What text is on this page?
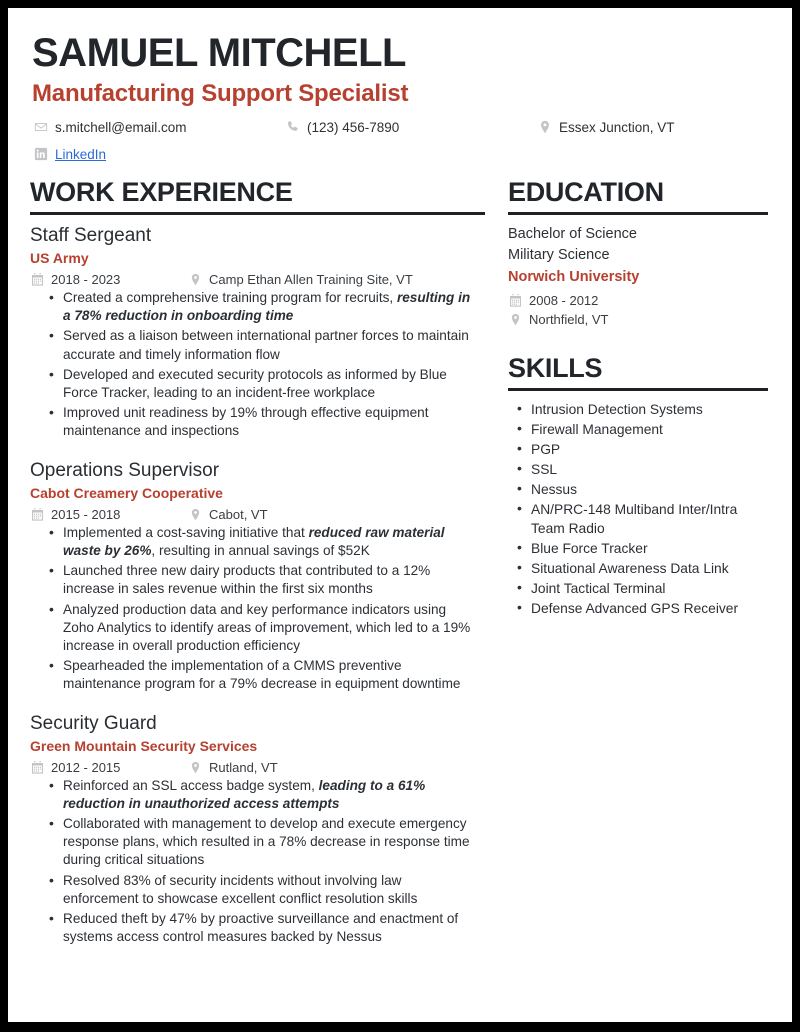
SAMUEL MITCHELL
Manufacturing Support Specialist
s.mitchell@email.com	(123) 456-7890	Essex Junction, VT
LinkedIn
WORK EXPERIENCE
Staff Sergeant
US Army
2018 - 2023	Camp Ethan Allen Training Site, VT
• Created a comprehensive training program for recruits, resulting in a 78% reduction in onboarding time
• Served as a liaison between international partner forces to maintain accurate and timely information flow
• Developed and executed security protocols as informed by Blue Force Tracker, leading to an incident-free workplace
• Improved unit readiness by 19% through effective equipment maintenance and inspections
Operations Supervisor
Cabot Creamery Cooperative
2015 - 2018	Cabot, VT
• Implemented a cost-saving initiative that reduced raw material waste by 26%, resulting in annual savings of $52K
• Launched three new dairy products that contributed to a 12% increase in sales revenue within the first six months
• Analyzed production data and key performance indicators using Zoho Analytics to identify areas of improvement, which led to a 19% increase in overall production efficiency
• Spearheaded the implementation of a CMMS preventive maintenance program for a 79% decrease in equipment downtime
Security Guard
Green Mountain Security Services
2012 - 2015	Rutland, VT
• Reinforced an SSL access badge system, leading to a 61% reduction in unauthorized access attempts
• Collaborated with management to develop and execute emergency response plans, which resulted in a 78% decrease in response time during critical situations
• Resolved 83% of security incidents without involving law enforcement to showcase excellent conflict resolution skills
• Reduced theft by 47% by proactive surveillance and enactment of systems access control measures backed by Nessus
EDUCATION
Bachelor of Science
Military Science
Norwich University
2008 - 2012
Northfield, VT
SKILLS
• Intrusion Detection Systems
• Firewall Management
• PGP
• SSL
• Nessus
• AN/PRC-148 Multiband Inter/Intra Team Radio
• Blue Force Tracker
• Situational Awareness Data Link
• Joint Tactical Terminal
• Defense Advanced GPS Receiver
